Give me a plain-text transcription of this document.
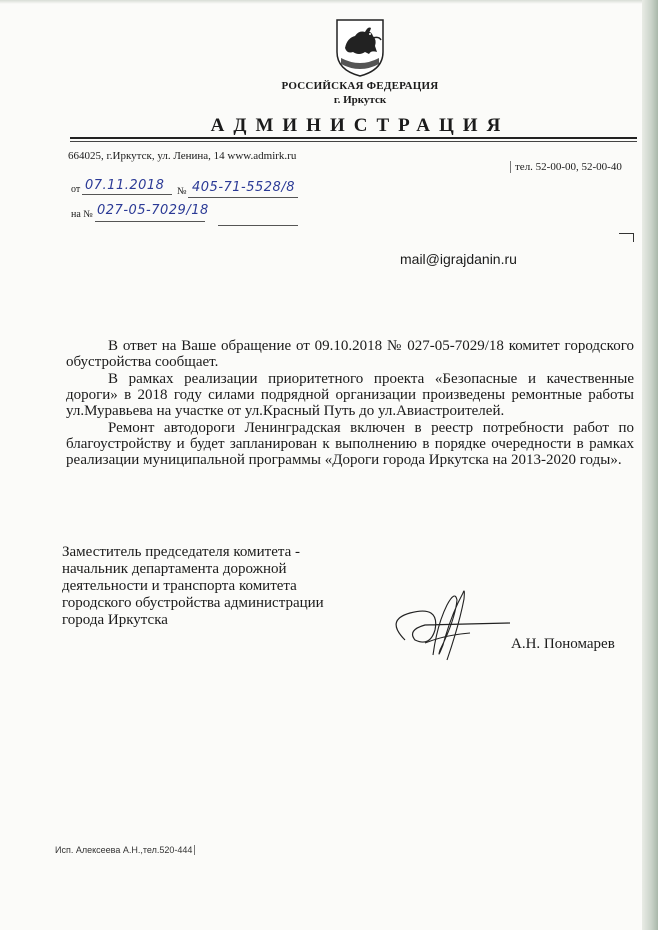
РОССИЙСКАЯ ФЕДЕРАЦИЯ
г. Иркутск
АДМИНИСТРАЦИЯ
664025, г.Иркутск, ул. Ленина, 14 www.admirk.ru
тел. 52-00-00, 52-00-40
от 07.11.2018 № 405-71-5528/8
на № 027-05-7029/18
mail@igrajdanin.ru
В ответ на Ваше обращение от 09.10.2018 № 027-05-7029/18 комитет городского обустройства сообщает.
В рамках реализации приоритетного проекта «Безопасные и качественные дороги» в 2018 году силами подрядной организации произведены ремонтные работы ул.Муравьева на участке от ул.Красный Путь до ул.Авиастроителей.
Ремонт автодороги Ленинградская включен в реестр потребности работ по благоустройству и будет запланирован к выполнению в порядке очередности в рамках реализации муниципальной программы «Дороги города Иркутска на 2013-2020 годы».
Заместитель председателя комитета -
начальник департамента дорожной
деятельности и транспорта комитета
городского обустройства администрации
города Иркутска
А.Н. Пономарев
Исп. Алексеева А.Н.,тел.520-444
